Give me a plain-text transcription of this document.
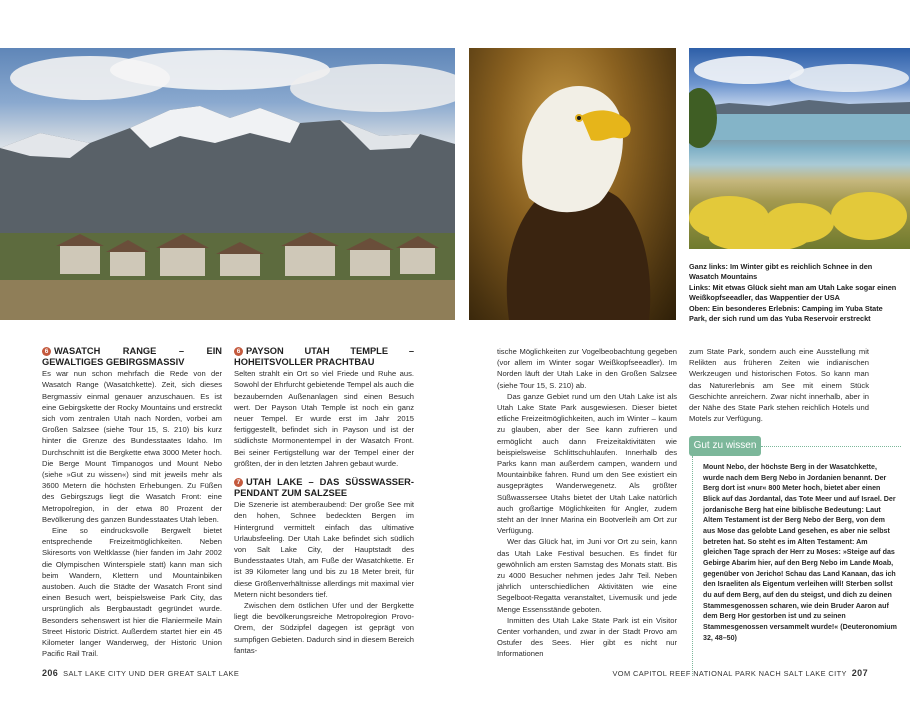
Ganz links: Im Winter gibt es reichlich Schnee in den Wasatch Mountains
Links: Mit etwas Glück sieht man am Utah Lake sogar einen Weißkopfseeadler, das Wappentier der USA
Oben: Ein besonderes Erlebnis: Camping im Yuba State Park, der sich rund um das Yuba Reservoir erstreckt
6 WASATCH RANGE – EIN GEWALTIGES GEBIRGSMASSIV

Es war nun schon mehrfach die Rede von der Wasatch Range (Wasatchkette). Zeit, sich dieses Bergmassiv einmal genauer anzuschauen. Es ist eine Gebirgskette der Rocky Mountains und erstreckt sich vom zentralen Utah nach Norden, vorbei am Großen Salzsee (siehe Tour 15, S. 210) bis kurz hinter die Grenze des Bundesstaates Idaho. Im Durchschnitt ist die Bergkette etwa 3000 Meter hoch. Die Berge Mount Timpanogos und Mount Nebo (siehe »Gut zu wissen«) sind mit jeweils mehr als 3600 Metern die höchsten Erhebungen. Zu Füßen des Gebirgszugs liegt die Wasatch Front: eine Metropolregion, in der etwa 80 Prozent der Bevölkerung des ganzen Bundesstaates Utah leben.

Eine so eindrucksvolle Bergwelt bietet entsprechende Freizeitmöglichkeiten. Neben Skiresorts von Weltklasse (hier fanden im Jahr 2002 die Olympischen Winterspiele statt) kann man sich beim Wandern, Klettern und Mountainbiken austoben. Auch die Städte der Wasatch Front sind einen Besuch wert, beispielsweise Park City, das ursprünglich als Bergbaustadt gegründet wurde. Besonders sehenswert ist hier die Flaniermeile Main Street Historic District. Außerdem startet hier ein 45 Kilometer langer Wanderweg, der Historic Union Pacific Rail Trail.

6 PAYSON UTAH TEMPLE – HOHEITSVOLLER PRACHTBAU

Selten strahlt ein Ort so viel Friede und Ruhe aus. Sowohl der Ehrfurcht gebietende Tempel als auch die bezaubernden Außenanlagen sind einen Besuch wert. Der Payson Utah Temple ist noch ein ganz neuer Tempel. Er wurde erst im Jahr 2015 fertiggestellt, befindet sich in Payson und ist der südlichste Mormonentempel in der Wasatch Front. Bei seiner Fertigstellung war der Tempel einer der größten, der in den letzten Jahren gebaut wurde.

7 UTAH LAKE – DAS SÜSSWASSER-PENDANT ZUM SALZSEE

Die Szenerie ist atemberaubend: Der große See mit den hohen, Schnee bedeckten Bergen im Hintergrund vermittelt einfach das ultimative Urlaubsfeeling. Der Utah Lake befindet sich südlich von Salt Lake City, der Hauptstadt des Bundesstaates Utah, am Fuße der Wasatchkette. Er ist 39 Kilometer lang und bis zu 18 Meter breit, für diese Größenverhältnisse allerdings mit maximal vier Metern nicht besonders tief.

Zwischen dem östlichen Ufer und der Bergkette liegt die bevölkerungsreiche Metropolregion Provo-Orem, der Südzipfel dagegen ist geprägt von sumpfigen Gebieten. Dadurch sind in diesem Bereich fantas-

tische Möglichkeiten zur Vogelbeobachtung gegeben (vor allem im Winter sogar Weißkopfseeadler). Im Norden läuft der Utah Lake in den Großen Salzsee (siehe Tour 15, S. 210) ab.

Das ganze Gebiet rund um den Utah Lake ist als Utah Lake State Park ausgewiesen. Dieser bietet etliche Freizeitmöglichkeiten, auch im Winter – kaum zu glauben, aber der See kann zufrieren und ermöglicht auch dann Freizeitaktivitäten wie beispielsweise Schlittschuhlaufen. Innerhalb des Parks kann man außerdem campen, wandern und Mountainbike fahren. Rund um den See existiert ein ausgeprägtes Wanderwegenetz. Als größter Süßwassersee Utahs bietet der Utah Lake natürlich auch großartige Möglichkeiten für Angler, zudem steht an der Inner Marina ein Bootverleih am Ort zur Verfügung.

Wer das Glück hat, im Juni vor Ort zu sein, kann das Utah Lake Festival besuchen. Es findet für gewöhnlich am ersten Samstag des Monats statt. Bis zu 4000 Besucher nehmen jedes Jahr Teil. Neben jährlich unterschiedlichen Aktivitäten wie eine Segelboot-Regatta veranstaltet, Livemusik und jede Menge Essensstände geboten.

Inmitten des Utah Lake State Park ist ein Visitor Center vorhanden, und zwar in der Stadt Provo am Ostufer des Sees. Hier gibt es nicht nur Informationen

zum State Park, sondern auch eine Ausstellung mit Relikten aus früheren Zeiten wie indianischen Werkzeugen und historischen Fotos. So kann man das Naturerlebnis am See mit einem Stück Geschichte anreichern. Zwar nicht innerhalb, aber in der Nähe des State Park stehen reichlich Hotels und Motels zur Verfügung.

Gut zu wissen
Mount Nebo, der höchste Berg in der Wasatchkette, wurde nach dem Berg Nebo in Jordanien benannt. Der Berg dort ist »nur« 800 Meter hoch, bietet aber einen Blick auf das Jordantal, das Tote Meer und auf Israel. Der jordanische Berg hat eine biblische Bedeutung: Laut Altem Testament ist der Berg Nebo der Berg, von dem aus Mose das gelobte Land gesehen, es aber nie selbst betreten hat. So steht es im Alten Testament: Am gleichen Tage sprach der Herr zu Moses: »Steige auf das Gebirge Abarim hier, auf den Berg Nebo im Lande Moab, gegenüber von Jericho! Schau das Land Kanaan, das ich den Israeliten als Eigentum verleihen will! Sterben sollst du auf dem Berg, auf den du steigst, und dich zu deinen Stammesgenossen scharen, wie dein Bruder Aaron auf dem Berg Hor gestorben ist und zu seinen Stammesgenossen versammelt wurde!« (Deuteronomium 32, 48–50)
206 SALT LAKE CITY UND DER GREAT SALT LAKE	VOM CAPITOL REEF NATIONAL PARK NACH SALT LAKE CITY 207
